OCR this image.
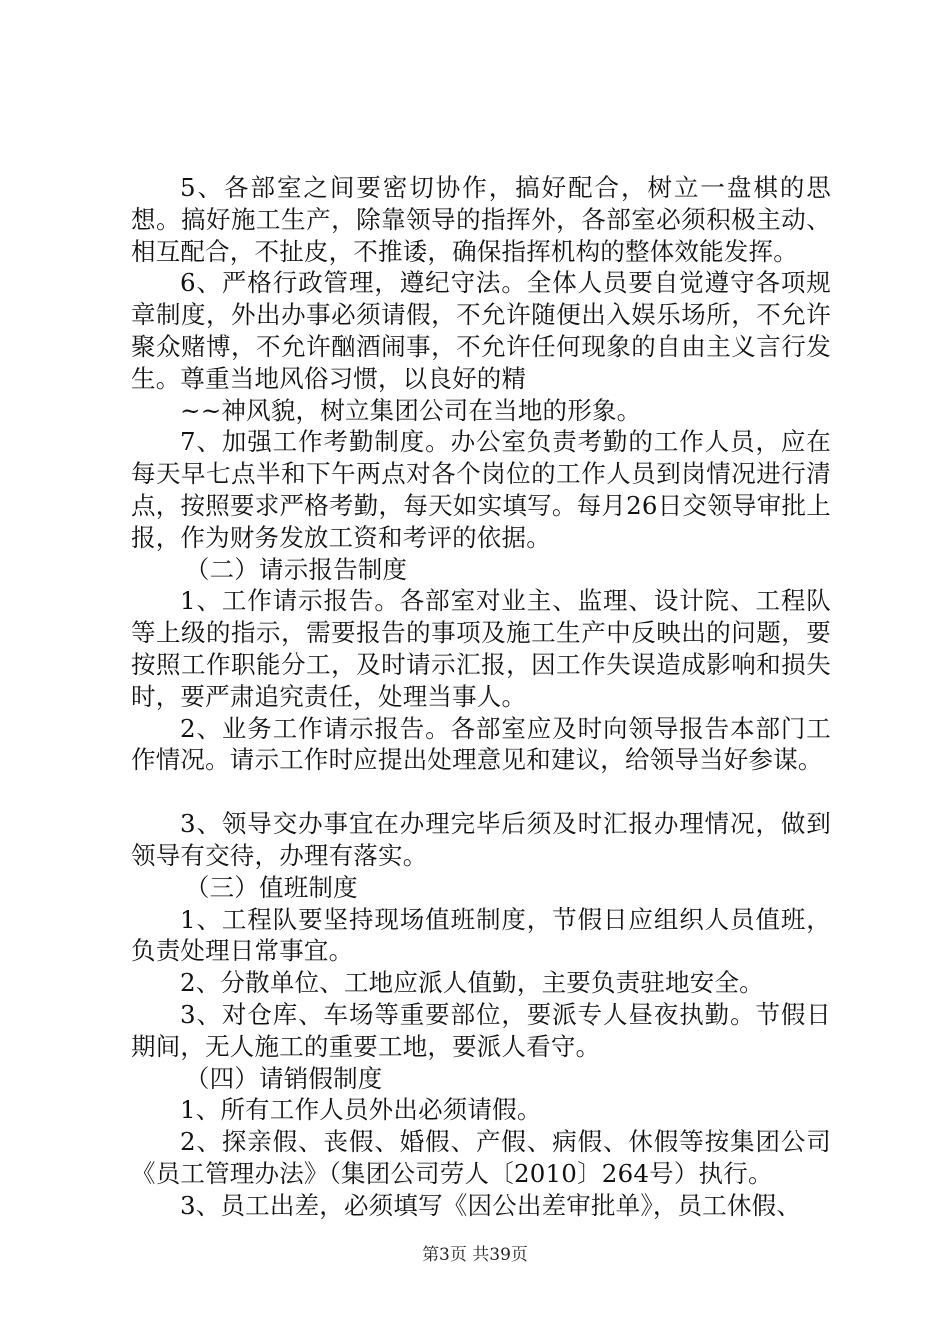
5、各部室之间要密切协作，搞好配合，树立一盘棋的思想。搞好施工生产，除靠领导的指挥外，各部室必须积极主动、相互配合，不扯皮，不推诿，确保指挥机构的整体效能发挥。

6、严格行政管理，遵纪守法。全体人员要自觉遵守各项规章制度，外出办事必须请假，不允许随便出入娱乐场所，不允许聚众赌博，不允许酗酒闹事，不允许任何现象的自由主义言行发生。尊重当地风俗习惯，以良好的精

~~神风貌，树立集团公司在当地的形象。

7、加强工作考勤制度。办公室负责考勤的工作人员，应在每天早七点半和下午两点对各个岗位的工作人员到岗情况进行清点，按照要求严格考勤，每天如实填写。每月26日交领导审批上报，作为财务发放工资和考评的依据。

（二）请示报告制度

1、工作请示报告。各部室对业主、监理、设计院、工程队等上级的指示，需要报告的事项及施工生产中反映出的问题，要按照工作职能分工，及时请示汇报，因工作失误造成影响和损失时，要严肃追究责任，处理当事人。

2、业务工作请示报告。各部室应及时向领导报告本部门工作情况。请示工作时应提出处理意见和建议，给领导当好参谋。

3、领导交办事宜在办理完毕后须及时汇报办理情况，做到领导有交待，办理有落实。

（三）值班制度

1、工程队要坚持现场值班制度，节假日应组织人员值班，负责处理日常事宜。

2、分散单位、工地应派人值勤，主要负责驻地安全。

3、对仓库、车场等重要部位，要派专人昼夜执勤。节假日期间，无人施工的重要工地，要派人看守。

（四）请销假制度

1、所有工作人员外出必须请假。

2、探亲假、丧假、婚假、产假、病假、休假等按集团公司《员工管理办法》（集团公司劳人〔2010〕264号）执行。

3、员工出差，必须填写《因公出差审批单》，员工休假、

第3页 共39页
